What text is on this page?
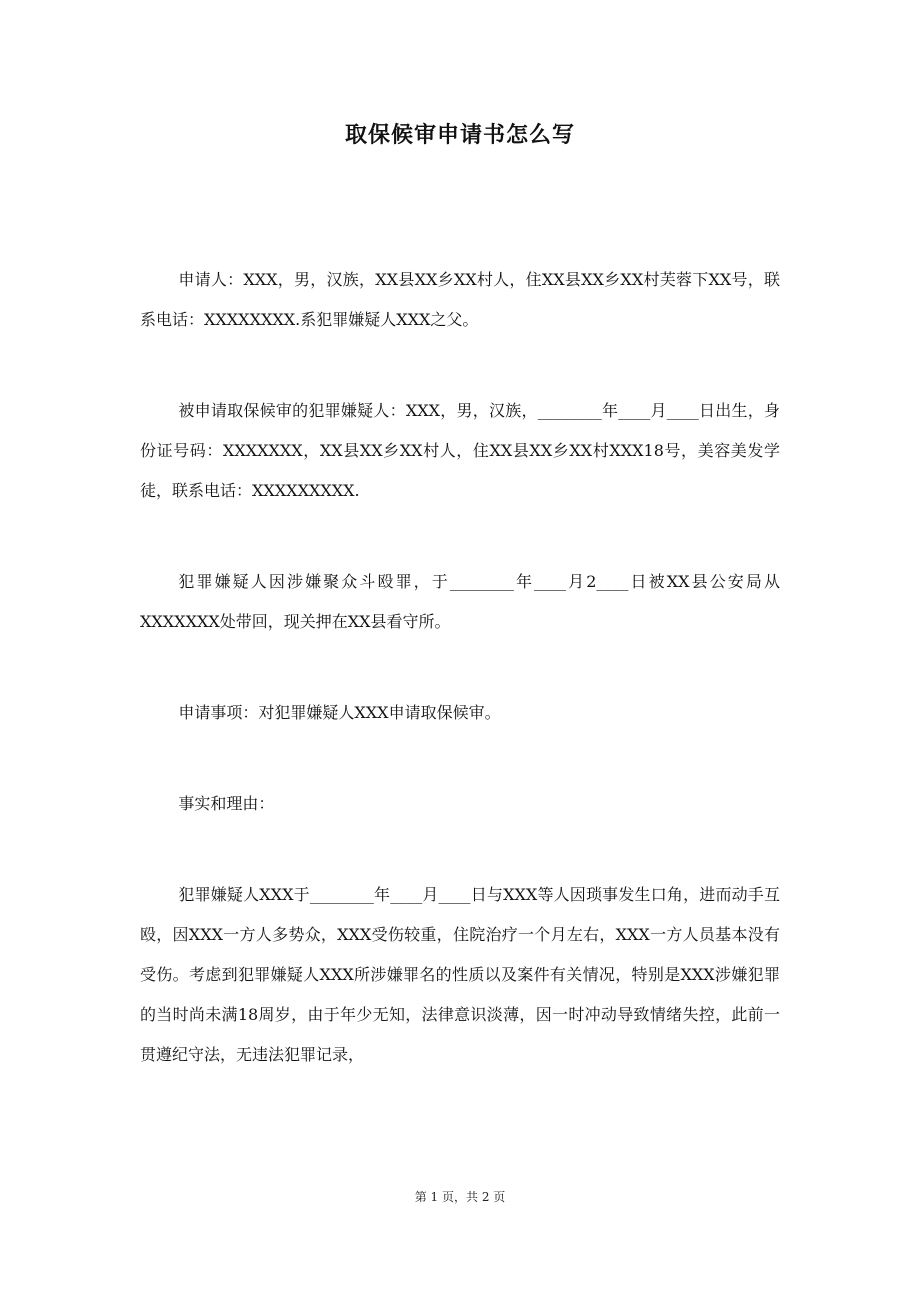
取保候审申请书怎么写

申请人：XXX，男，汉族，XX县XX乡XX村人，住XX县XX乡XX村芙蓉下XX号，联系电话：XXXXXXXX.系犯罪嫌疑人XXX之父。

被申请取保候审的犯罪嫌疑人：XXX，男，汉族，________年____月____日出生，身份证号码：XXXXXXX，XX县XX乡XX村人，住XX县XX乡XX村XXX18号，美容美发学徒，联系电话：XXXXXXXXX.

犯罪嫌疑人因涉嫌聚众斗殴罪，于________年____月2____日被XX县公安局从XXXXXXX处带回，现关押在XX县看守所。

申请事项：对犯罪嫌疑人XXX申请取保候审。

事实和理由：

犯罪嫌疑人XXX于________年____月____日与XXX等人因琐事发生口角，进而动手互殴，因XXX一方人多势众，XXX受伤较重，住院治疗一个月左右，XXX一方人员基本没有受伤。考虑到犯罪嫌疑人XXX所涉嫌罪名的性质以及案件有关情况，特别是XXX涉嫌犯罪的当时尚未满18周岁，由于年少无知，法律意识淡薄，因一时冲动导致情绪失控，此前一贯遵纪守法，无违法犯罪记录，

第 1 页，共 2 页
